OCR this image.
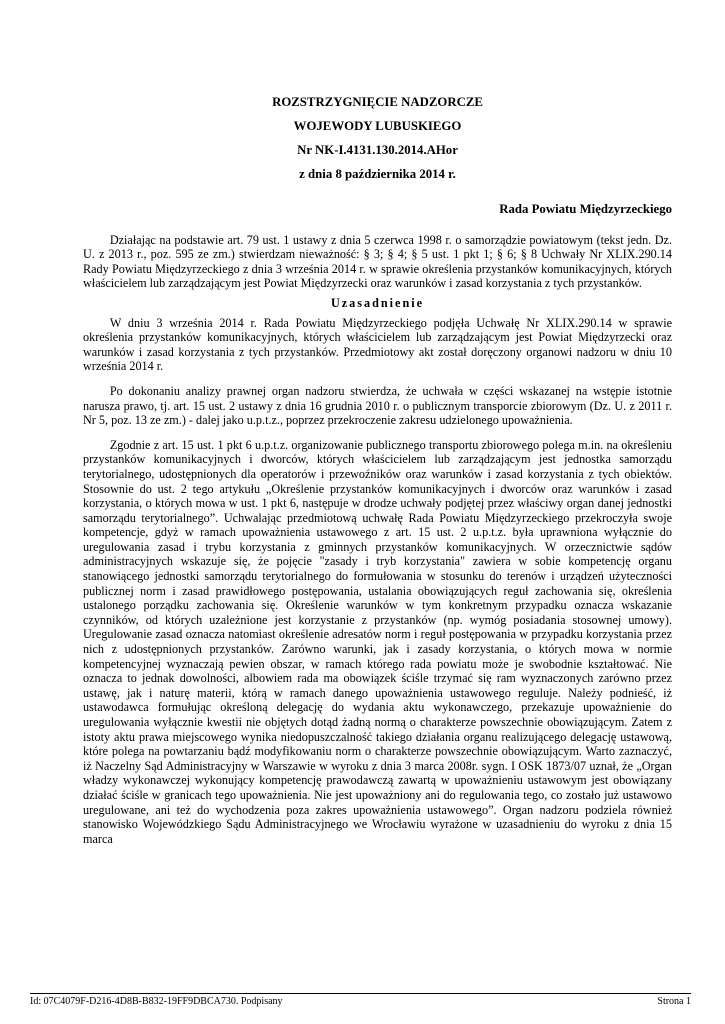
ROZSTRZYGNIĘCIE NADZORCZE
WOJEWODY LUBUSKIEGO
Nr NK-I.4131.130.2014.AHor
z dnia 8 października 2014 r.
Rada Powiatu Międzyrzeckiego

Działając na podstawie art. 79 ust. 1 ustawy z dnia 5 czerwca 1998 r. o samorządzie powiatowym (tekst jedn. Dz. U. z 2013 r., poz. 595 ze zm.) stwierdzam nieważność: § 3; § 4; § 5 ust. 1 pkt 1; § 6; § 8 Uchwały Nr XLIX.290.14 Rady Powiatu Międzyrzeckiego z dnia 3 września 2014 r. w sprawie określenia przystanków komunikacyjnych, których właścicielem lub zarządzającym jest Powiat Międzyrzecki oraz warunków i zasad korzystania z tych przystanków.

Uzasadnienie

W dniu 3 września 2014 r. Rada Powiatu Międzyrzeckiego podjęła Uchwałę Nr XLIX.290.14 w sprawie określenia przystanków komunikacyjnych, których właścicielem lub zarządzającym jest Powiat Międzyrzecki oraz warunków i zasad korzystania z tych przystanków. Przedmiotowy akt został doręczony organowi nadzoru w dniu 10 września 2014 r.

Po dokonaniu analizy prawnej organ nadzoru stwierdza, że uchwała w części wskazanej na wstępie istotnie narusza prawo, tj. art. 15 ust. 2 ustawy z dnia 16 grudnia 2010 r. o publicznym transporcie zbiorowym (Dz. U. z 2011 r. Nr 5, poz. 13 ze zm.) - dalej jako u.p.t.z., poprzez przekroczenie zakresu udzielonego upoważnienia.

Zgodnie z art. 15 ust. 1 pkt 6 u.p.t.z. organizowanie publicznego transportu zbiorowego polega m.in. na określeniu przystanków komunikacyjnych i dworców, których właścicielem lub zarządzającym jest jednostka samorządu terytorialnego, udostępnionych dla operatorów i przewoźników oraz warunków i zasad korzystania z tych obiektów. Stosownie do ust. 2 tego artykułu „Określenie przystanków komunikacyjnych i dworców oraz warunków i zasad korzystania, o których mowa w ust. 1 pkt 6, następuje w drodze uchwały podjętej przez właściwy organ danej jednostki samorządu terytorialnego”. Uchwalając przedmiotową uchwałę Rada Powiatu Międzyrzeckiego przekroczyła swoje kompetencje, gdyż w ramach upoważnienia ustawowego z art. 15 ust. 2 u.p.t.z. była uprawniona wyłącznie do uregulowania zasad i trybu korzystania z gminnych przystanków komunikacyjnych. W orzecznictwie sądów administracyjnych wskazuje się, że pojęcie "zasady i tryb korzystania" zawiera w sobie kompetencję organu stanowiącego jednostki samorządu terytorialnego do formułowania w stosunku do terenów i urządzeń użyteczności publicznej norm i zasad prawidłowego postępowania, ustalania obowiązujących reguł zachowania się, określenia ustalonego porządku zachowania się. Określenie warunków w tym konkretnym przypadku oznacza wskazanie czynników, od których uzależnione jest korzystanie z przystanków (np. wymóg posiadania stosownej umowy). Uregulowanie zasad oznacza natomiast określenie adresatów norm i reguł postępowania w przypadku korzystania przez nich z udostępnionych przystanków. Zarówno warunki, jak i zasady korzystania, o których mowa w normie kompetencyjnej wyznaczają pewien obszar, w ramach którego rada powiatu może je swobodnie kształtować. Nie oznacza to jednak dowolności, albowiem rada ma obowiązek ściśle trzymać się ram wyznaczonych zarówno przez ustawę, jak i naturę materii, którą w ramach danego upoważnienia ustawowego reguluje. Należy podnieść, iż ustawodawca formułując określoną delegację do wydania aktu wykonawczego, przekazuje upoważnienie do uregulowania wyłącznie kwestii nie objętych dotąd żadną normą o charakterze powszechnie obowiązującym. Zatem z istoty aktu prawa miejscowego wynika niedopuszczalność takiego działania organu realizującego delegację ustawową, które polega na powtarzaniu bądź modyfikowaniu norm o charakterze powszechnie obowiązującym. Warto zaznaczyć, iż Naczelny Sąd Administracyjny w Warszawie w wyroku z dnia 3 marca 2008r. sygn. I OSK 1873/07 uznał, że „Organ władzy wykonawczej wykonujący kompetencję prawodawczą zawartą w upoważnieniu ustawowym jest obowiązany działać ściśle w granicach tego upoważnienia. Nie jest upoważniony ani do regulowania tego, co zostało już ustawowo uregulowane, ani też do wychodzenia poza zakres upoważnienia ustawowego”. Organ nadzoru podziela również stanowisko Wojewódzkiego Sądu Administracyjnego we Wrocławiu wyrażone w uzasadnieniu do wyroku z dnia 15 marca

Id: 07C4079F-D216-4D8B-B832-19FF9DBCA730. Podpisany	Strona 1
